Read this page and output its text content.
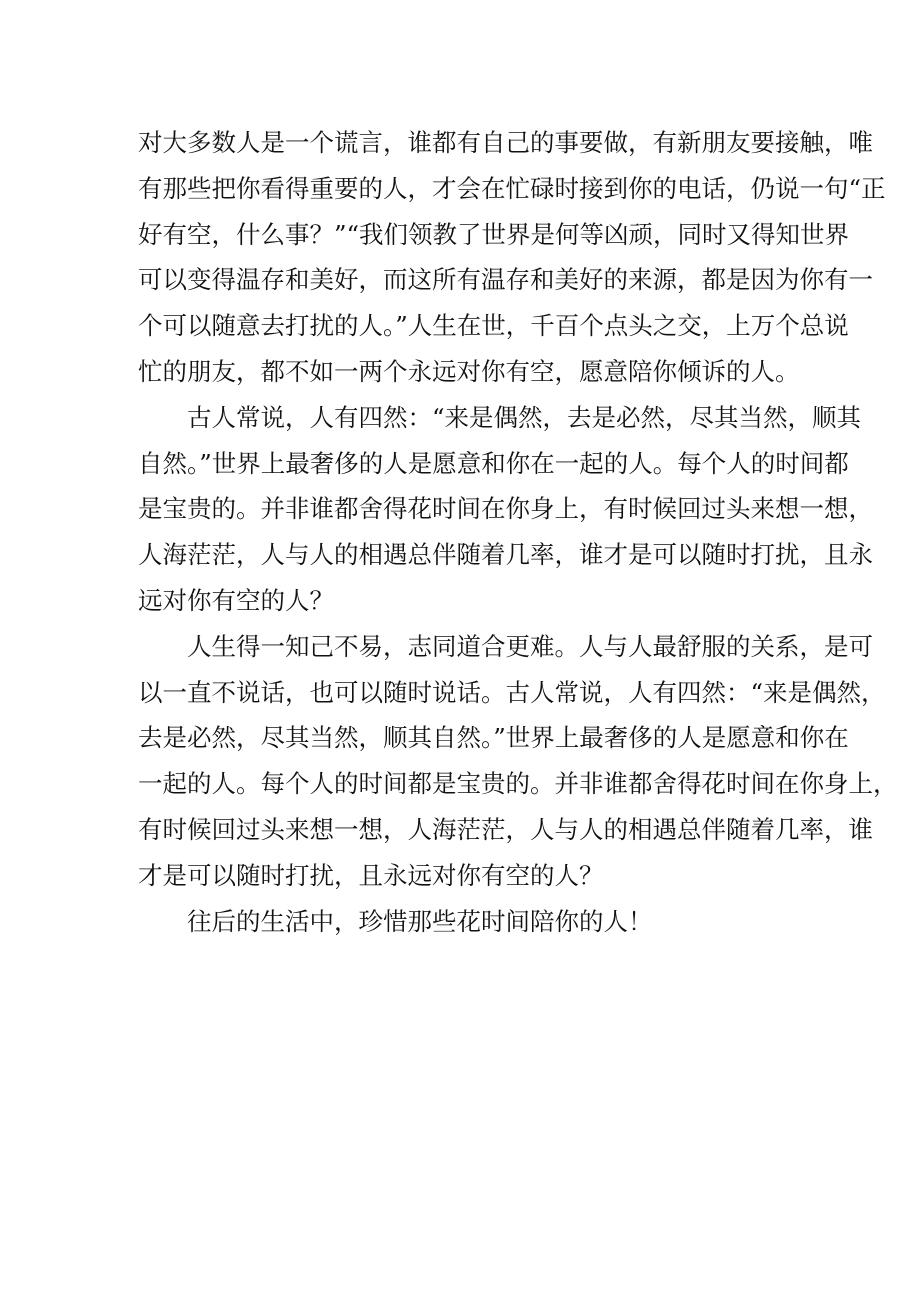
对大多数人是一个谎言，谁都有自己的事要做，有新朋友要接触，唯
有那些把你看得重要的人，才会在忙碌时接到你的电话，仍说一句“正
好有空，什么事？”“我们领教了世界是何等凶顽，同时又得知世界
可以变得温存和美好，而这所有温存和美好的来源，都是因为你有一
个可以随意去打扰的人。”人生在世，千百个点头之交，上万个总说
忙的朋友，都不如一两个永远对你有空，愿意陪你倾诉的人。
古人常说，人有四然：“来是偶然，去是必然，尽其当然，顺其
自然。”世界上最奢侈的人是愿意和你在一起的人。每个人的时间都
是宝贵的。并非谁都舍得花时间在你身上，有时候回过头来想一想，
人海茫茫，人与人的相遇总伴随着几率，谁才是可以随时打扰，且永
远对你有空的人？
人生得一知己不易，志同道合更难。人与人最舒服的关系，是可
以一直不说话，也可以随时说话。古人常说，人有四然：“来是偶然，
去是必然，尽其当然，顺其自然。”世界上最奢侈的人是愿意和你在
一起的人。每个人的时间都是宝贵的。并非谁都舍得花时间在你身上，
有时候回过头来想一想，人海茫茫，人与人的相遇总伴随着几率，谁
才是可以随时打扰，且永远对你有空的人？
往后的生活中，珍惜那些花时间陪你的人！
